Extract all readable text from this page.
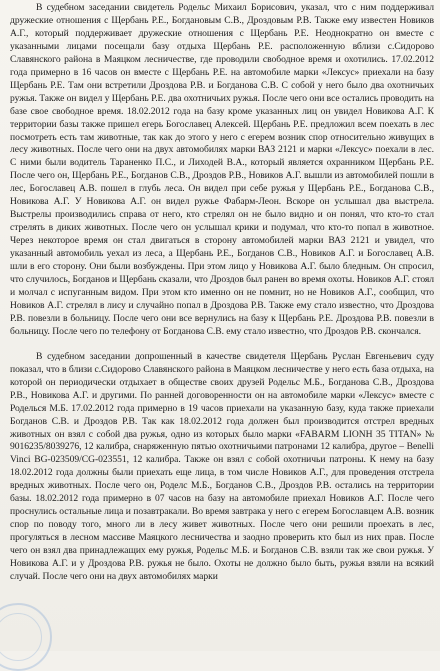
В судебном заседании свидетель Родельс Михаил Борисович, указал, что с ним поддерживал дружеские отношения с Щербань Р.Е., Богдановым С.В., Дроздовым Р.В. Также ему известен Новиков А.Г., который поддерживает дружеские отношения с Щербань Р.Е. Неоднократно он вместе с указанными лицами посещали базу отдыха Щербань Р.Е. расположенную вблизи с.Сидорово Славянского района в Маяцком лесничестве, где проводили свободное время и охотились. 17.02.2012 года примерно в 16 часов он вместе с Щербань Р.Е. на автомобиле марки «Лексус» приехали на базу Щербань Р.Е. Там они встретили Дроздова Р.В. и Богданова С.В. С собой у него было два охотничьих ружья. Также он видел у Щербань Р.Е. два охотничьих ружья. После чего они все остались проводить на базе свое свободное время. 18.02.2012 года на базу кроме указанных лиц он увидел Новикова А.Г. К территории базы также пришел егерь Богославец Алексей. Щербань Р.Е. предложил всем поехать в лес посмотреть есть там животные, так как до этого у него с егерем возник спор относительно живущих в лесу животных. После чего они на двух автомобилях марки ВАЗ 2121 и марки «Лексус» поехали в лес. С ними были водитель Тараненко П.С., и Лиходей В.А., который является охранником Щербань Р.Е. После чего он, Щербань Р.Е., Богданов С.В., Дроздов Р.В., Новиков А.Г. вышли из автомобилей пошли в лес, Богославец А.В. пошел в глубь леса. Он видел при себе ружья у Щербань Р.Е., Богданова С.В., Новикова А.Г. У Новикова А.Г. он видел ружье Фабарм-Леон. Вскоре он услышал два выстрела. Выстрелы производились справа от него, кто стрелял он не было видно и он понял, что кто-то стал стрелять в диких животных. После чего он услышал крики и подумал, что кто-то попал в животное. Через некоторое время он стал двигаться в сторону автомобилей марки ВАЗ 2121 и увидел, что указанный автомобиль уехал из леса, а Щербань Р.Е., Богданов С.В., Новиков А.Г. и Богославец А.В. шли в его сторону. Они были возбуждены. При этом лицо у Новикова А.Г. было бледным. Он спросил, что случилось, Богданов и Щербань сказали, что Дроздов был ранен во время охоты. Новиков А.Г. стоял и молчал с испуганным видом. При этом кто именно он не помнит, но не Новиков А.Г., сообщил, что Новиков А.Г. стрелял в лису и случайно попал в Дроздова Р.В. Также ему стало известно, что Дроздова Р.В. повезли в больницу. После чего они все вернулись на базу к Щербань Р.Е. Дроздова Р.В. повезли в больницу. После чего по телефону от Богданова С.В. ему стало известно, что Дроздов Р.В. скончался.

В судебном заседании допрошенный в качестве свидетеля Щербань Руслан Евгеньевич суду показал, что в близи с.Сидорово Славянского района в Маяцком лесничестве у него есть база отдыха, на которой он периодически отдыхает в обществе своих друзей Родельс М.Б., Богданова С.В., Дроздова Р.В., Новикова А.Г. и другими. По ранней договоренности он на автомобиле марки «Лексус» вместе с Роделься М.Б. 17.02.2012 года примерно в 19 часов приехали на указанную базу, куда также приехали Богданов С.В. и Дроздов Р.В. Так как 18.02.2012 года должен был производится отстрел вредных животных он взял с собой два ружья, одно из которых было марки «FABARM LIONH 35 TITAN» № 9016235/8039276, 12 калибра, снаряженную пятью охотничьими патронами 12 калибра, другое – Benelli Vinci BG-023509/CG-023551, 12 калибра. Также он взял с собой охотничьи патроны. К нему на базу 18.02.2012 года должны были приехать еще лица, в том числе Новиков А.Г., для проведения отстрела вредных животных. После чего он, Роделс М.Б., Богданов С.В., Дроздов Р.В. остались на территории базы. 18.02.2012 года примерно в 07 часов на базу на автомобиле приехал Новиков А.Г. После чего проснулись остальные лица и позавтракали. Во время завтрака у него с егерем Богославцем А.В. возник спор по поводу того, много ли в лесу живет животных. После чего они решили проехать в лес, прогуляться в лесном массиве Маяцкого лесничества и заодно проверить кто был из них прав. После чего он взял два принадлежащих ему ружья, Родельс М.Б. и Богданов С.В. взяли так же свои ружья. У Новикова А.Г. и у Дроздова Р.В. ружья не было. Охоты не должно было быть, ружья взяли на всякий случай. После чего они на двух автомобилях марки
